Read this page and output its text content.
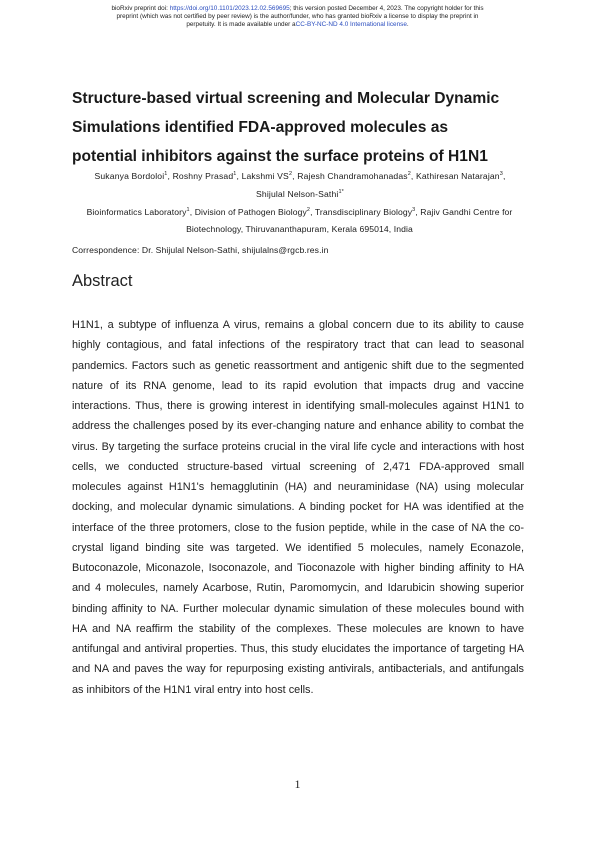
bioRxiv preprint doi: https://doi.org/10.1101/2023.12.02.569695; this version posted December 4, 2023. The copyright holder for this
preprint (which was not certified by peer review) is the author/funder, who has granted bioRxiv a license to display the preprint in
perpetuity. It is made available under aCC-BY-NC-ND 4.0 International license.
Structure-based virtual screening and Molecular Dynamic
Simulations identified FDA-approved molecules as
potential inhibitors against the surface proteins of H1N1
Sukanya Bordoloi$^1$, Roshny Prasad$^1$, Lakshmi $VS^2$, Rajesh Chandramohanadas$^2$, Kathiresan Natarajan$^3$, Shijulal Nelson-Sathi$^{1*}$
Bioinformatics Laboratory$^1$, Division of Pathogen Biology$^2$, Transdisciplinary Biology$^3$, Rajiv Gandhi Centre for Biotechnology, Thiruvananthapuram, Kerala 695014, India
Correspondence: Dr. Shijulal Nelson-Sathi, shijulalns@rgcb.res.in
Abstract
H1N1, a subtype of influenza A virus, remains a global concern due to its ability to cause highly contagious, and fatal infections of the respiratory tract that can lead to seasonal pandemics. Factors such as genetic reassortment and antigenic shift due to the segmented nature of its RNA genome, lead to its rapid evolution that impacts drug and vaccine interactions. Thus, there is growing interest in identifying small-molecules against H1N1 to address the challenges posed by its ever-changing nature and enhance ability to combat the virus. By targeting the surface proteins crucial in the viral life cycle and interactions with host cells, we conducted structure-based virtual screening of 2,471 FDA-approved small molecules against H1N1's hemagglutinin (HA) and neuraminidase (NA) using molecular docking, and molecular dynamic simulations. A binding pocket for HA was identified at the interface of the three protomers, close to the fusion peptide, while in the case of NA the co-crystal ligand binding site was targeted. We identified 5 molecules, namely Econazole, Butoconazole, Miconazole, Isoconazole, and Tioconazole with higher binding affinity to HA and 4 molecules, namely Acarbose, Rutin, Paromomycin, and Idarubicin showing superior binding affinity to NA. Further molecular dynamic simulation of these molecules bound with HA and NA reaffirm the stability of the complexes. These molecules are known to have antifungal and antiviral properties. Thus, this study elucidates the importance of targeting HA and NA and paves the way for repurposing existing antivirals, antibacterials, and antifungals as inhibitors of the H1N1 viral entry into host cells.
1
